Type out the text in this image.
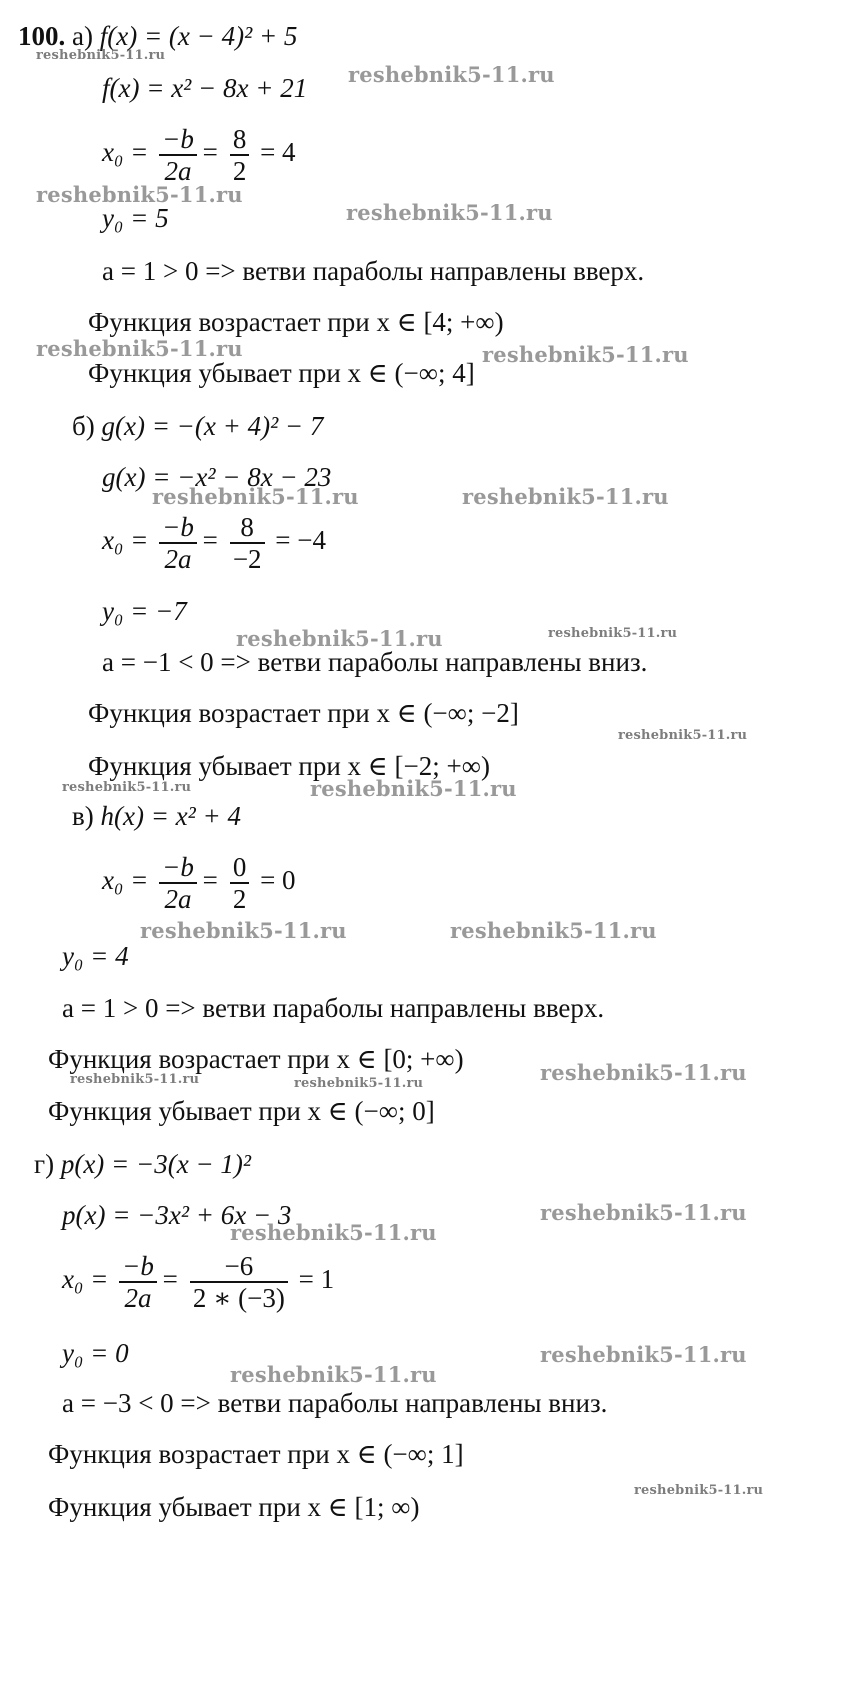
100. а) f(x) = (x − 4)² + 5
f(x) = x² − 8x + 21
$x_0 = \frac{-b}{2a} = \frac{8}{2} = 4$
y₀ = 5
a = 1 > 0 => ветви параболы направлены вверх.
Функция возрастает при x ∈ [4; +∞)
Функция убывает при x ∈ (−∞; 4]
б) g(x) = −(x + 4)² − 7
g(x) = −x² − 8x − 23
$x_0 = \frac{-b}{2a} = \frac{8}{-2} = -4$
y₀ = −7
a = −1 < 0 => ветви параболы направлены вниз.
Функция возрастает при x ∈ (−∞; −2]
Функция убывает при x ∈ [−2; +∞)
в) h(x) = x² + 4
$x_0 = \frac{-b}{2a} = \frac{0}{2} = 0$
y₀ = 4
a = 1 > 0 => ветви параболы направлены вверх.
Функция возрастает при x ∈ [0; +∞)
Функция убывает при x ∈ (−∞; 0]
г) p(x) = −3(x − 1)²
p(x) = −3x² + 6x − 3
$x_0 = \frac{-b}{2a} = \frac{-6}{2 ∗ (-3)} = 1$
y₀ = 0
a = −3 < 0 => ветви параболы направлены вниз.
Функция возрастает при x ∈ (−∞; 1]
Функция убывает при x ∈ [1; ∞)
reshebnik5-11.ru
reshebnik5-11.ru
reshebnik5-11.ru
reshebnik5-11.ru
reshebnik5-11.ru	reshebnik5-11.ru
reshebnik5-11.ru	reshebnik5-11.ru
reshebnik5-11.ru	reshebnik5-11.ru
reshebnik5-11.ru
reshebnik5-11.ru	reshebnik5-11.ru
reshebnik5-11.ru	reshebnik5-11.ru
reshebnik5-11.ru	reshebnik5-11.ru	reshebnik5-11.ru
reshebnik5-11.ru
reshebnik5-11.ru
reshebnik5-11.ru
reshebnik5-11.ru
reshebnik5-11.ru
